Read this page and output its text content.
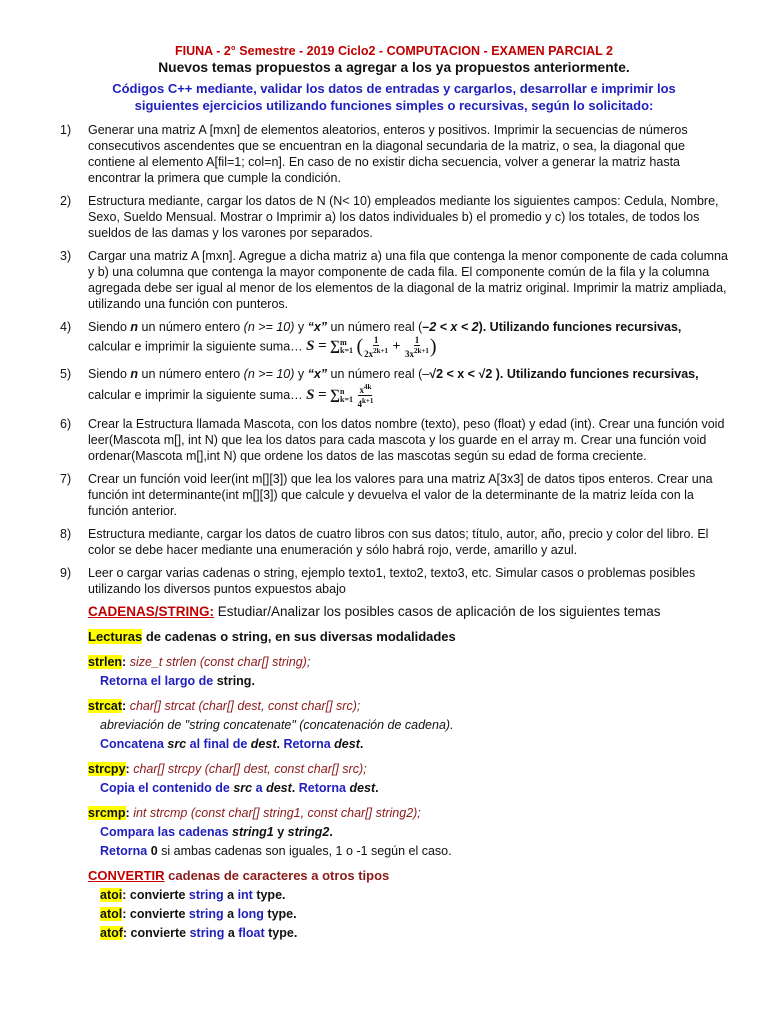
FIUNA - 2° Semestre - 2019 Ciclo2 - COMPUTACION - EXAMEN PARCIAL 2
Nuevos temas propuestos a agregar a los ya propuestos anteriormente.
Códigos C++ mediante, validar los datos de entradas y cargarlos, desarrollar e imprimir los
siguientes ejercicios utilizando funciones simples o recursivas, según lo solicitado:
1)	Generar una matriz A [mxn] de elementos aleatorios, enteros y positivos. Imprimir la secuencias de números consecutivos ascendentes que se encuentran en la diagonal secundaria de la matriz, o sea, la diagonal que contiene al elemento A[fil=1; col=n]. En caso de no existir dicha secuencia, volver a generar la matriz hasta encontrar la primera que cumple la condición.
2)	Estructura mediante, cargar los datos de N (N< 10) empleados mediante los siguientes campos: Cedula, Nombre, Sexo, Sueldo Mensual. Mostrar o Imprimir a) los datos individuales b) el promedio y c) los totales, de todos los sueldos de las damas y los varones por separados.
3)	Cargar una matriz A [mxn]. Agregue a dicha matriz a) una fila que contenga la menor componente de cada columna y b) una columna que contenga la mayor componente de cada fila. El componente común de la fila y la columna agregada debe ser igual al menor de los elementos de la diagonal de la matriz original. Imprimir la matriz ampliada, utilizando una función con punteros.
4)	Siendo n un número entero (n >= 10) y “x” un número real (–2 < x < 2). Utilizando funciones recursivas,
calcular e imprimir la siguiente suma… S = ∑ m
k=1 ( $\frac{1}{2x^{2k+1}} + \frac{1}{3x^{2k+1}}$ )
5)	Siendo n un número entero (n >= 10) y “x” un número real (–√2 < x < √2 ). Utilizando funciones recursivas,
calcular e imprimir la siguiente suma… S = ∑ n
k=1
$\frac{x^{4k}}{4^{k+1}}$
6)	Crear la Estructura llamada Mascota, con los datos nombre (texto), peso (float) y edad (int). Crear una función void leer(Mascota m[], int N) que lea los datos para cada mascota y los guarde en el array m. Crear una función void ordenar(Mascota m[],int N) que ordene los datos de las mascotas según su edad de forma creciente.
7)	Crear un función void leer(int m[][3]) que lea los valores para una matriz A[3x3] de datos tipos enteros. Crear una función int determinante(int m[][3]) que calcule y devuelva el valor de la determinante de la matriz leída con la función anterior.
8)	Estructura mediante, cargar los datos de cuatro libros con sus datos; título, autor, año, precio y color del libro. El color se debe hacer mediante una enumeración y sólo habrá rojo, verde, amarillo y azul.
9)	Leer o cargar varias cadenas o string, ejemplo texto1, texto2, texto3, etc. Simular casos o problemas posibles utilizando los diversos puntos expuestos abajo
CADENAS/STRING: Estudiar/Analizar los posibles casos de aplicación de los siguientes temas
Lecturas de cadenas o string, en sus diversas modalidades
strlen: size_t strlen (const char[] string);
Retorna el largo de string.
strcat: char[] strcat (char[] dest, const char[] src);
abreviación de "string concatenate" (concatenación de cadena).
Concatena src al final de dest. Retorna dest.
strcpy: char[] strcpy (char[] dest, const char[] src);
Copia el contenido de src a dest. Retorna dest.
srcmp: int strcmp (const char[] string1, const char[] string2);
Compara las cadenas string1 y string2.
Retorna 0 si ambas cadenas son iguales, 1 o -1 según el caso.
CONVERTIR cadenas de caracteres a otros tipos
atoi: convierte string a int type.
atol: convierte string a long type.
atof: convierte string a float type.
